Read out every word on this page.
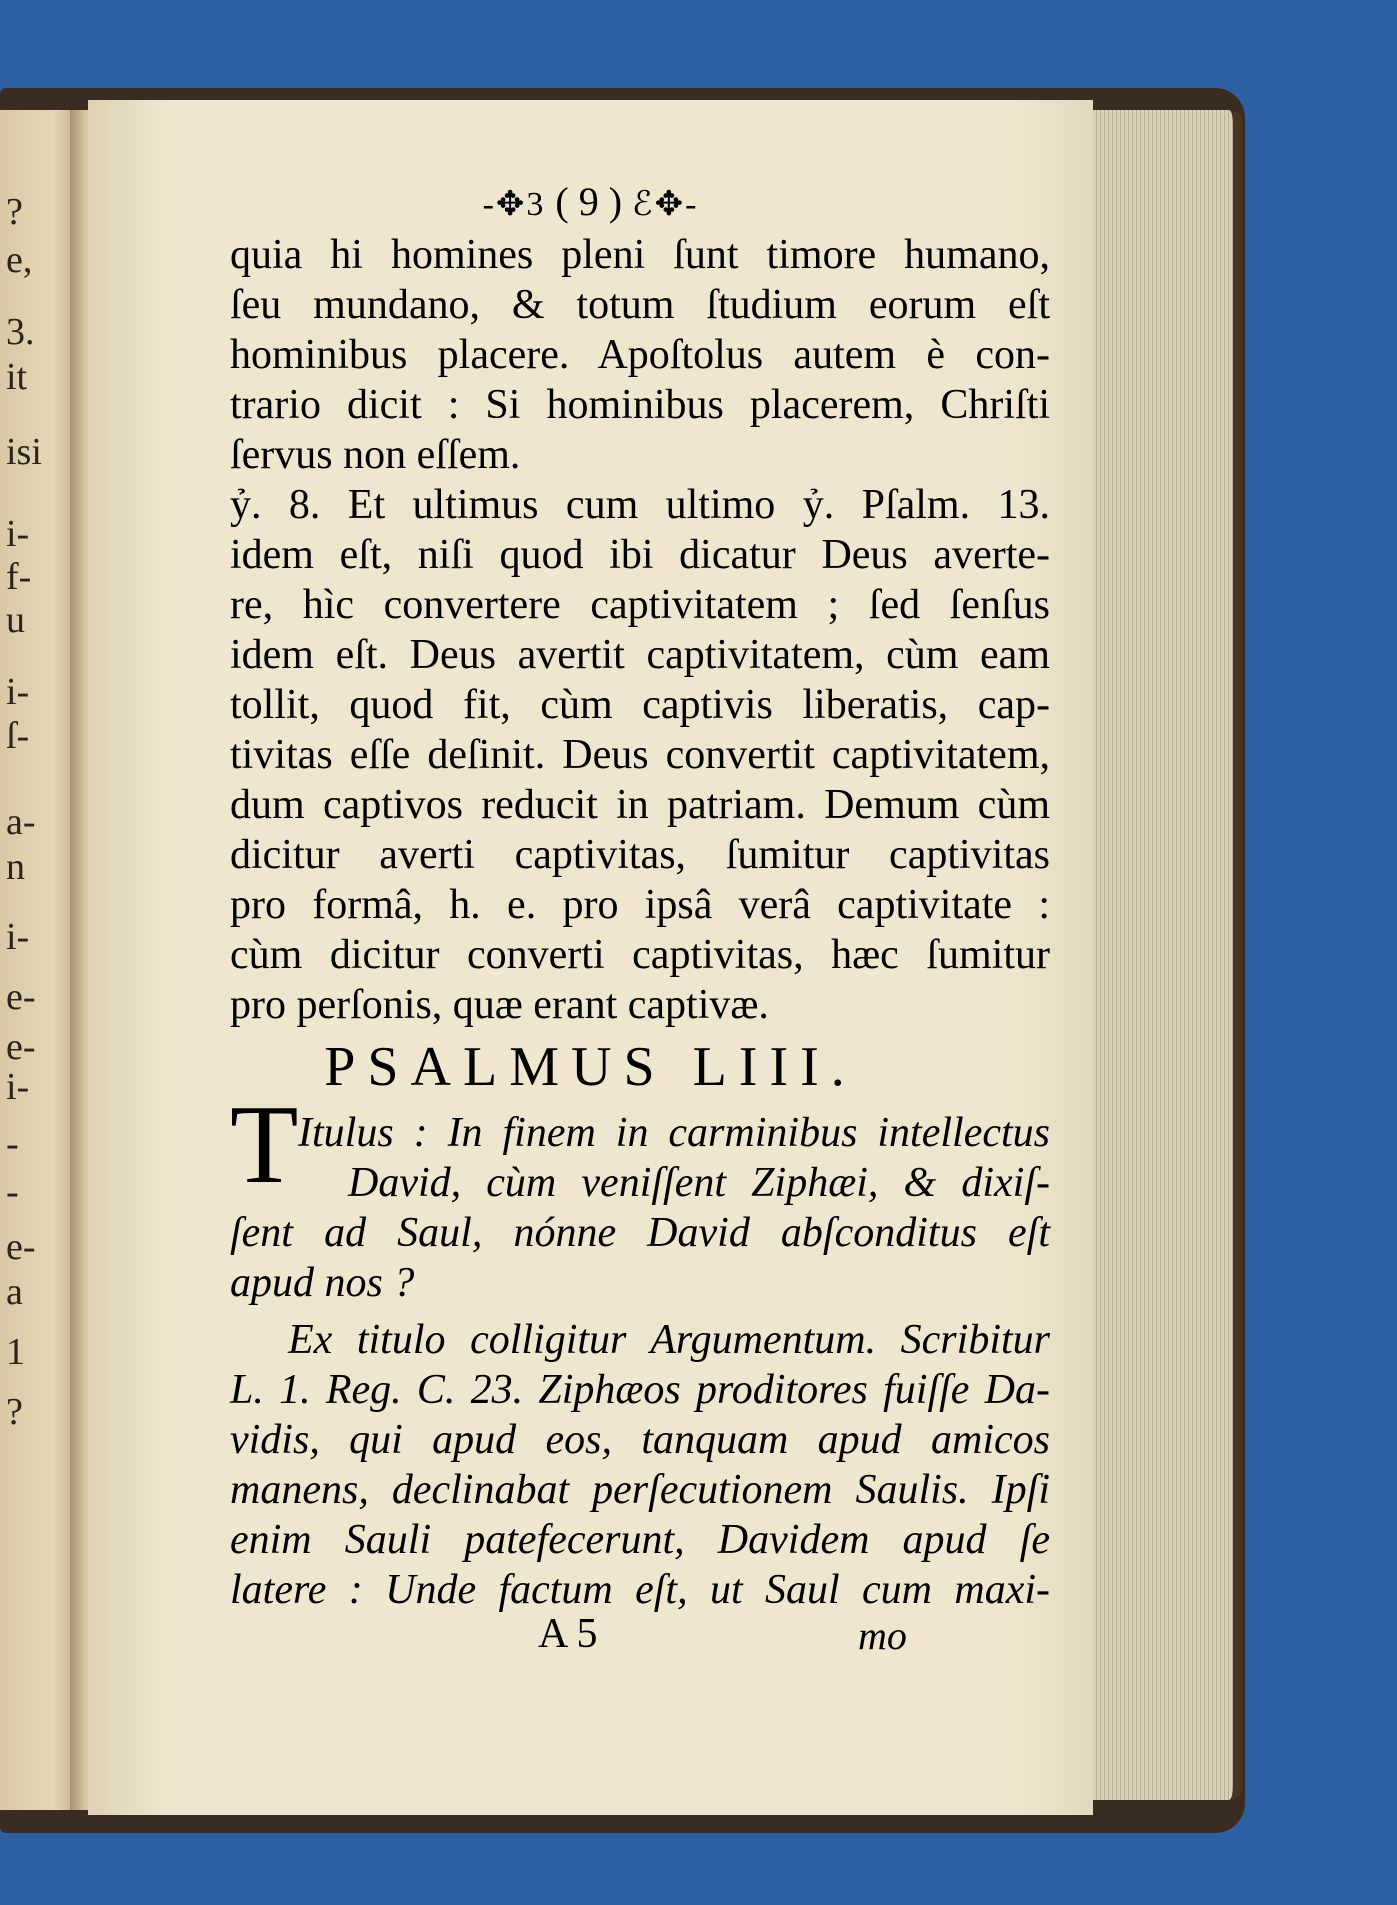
?
e,
3.
it
isi
i-
f-
u
i-
ſ-
a-
n
i-
e-
e-
i-
-
-
e-
a
1
?
-✥3 ( 9 ) ℰ✥-
quia hi homines pleni ſunt timore humano,
ſeu mundano, & totum ſtudium eorum eſt
hominibus placere. Apoſtolus autem è con-
trario dicit : Si hominibus placerem, Chriſti
ſervus non eſſem.
ỷ. 8. Et ultimus cum ultimo ỷ. Pſalm. 13.
idem eſt, niſi quod ibi dicatur Deus averte-
re, hìc convertere captivitatem ; ſed ſenſus
idem eſt. Deus avertit captivitatem, cùm eam
tollit, quod fit, cùm captivis liberatis, cap-
tivitas eſſe deſinit. Deus convertit captivitatem,
dum captivos reducit in patriam. Demum cùm
dicitur averti captivitas, ſumitur captivitas
pro formâ, h. e. pro ipsâ verâ captivitate :
cùm dicitur converti captivitas, hæc ſumitur
pro perſonis, quæ erant captivæ.
PSALMUS LIII.
T Itulus : In finem in carminibus intellectus
David, cùm veniſſent Ziphæi, & dixiſ-
ſent ad Saul, nónne David abſconditus eſt
apud nos ?
Ex titulo colligitur Argumentum. Scribitur
L. 1. Reg. C. 23. Ziphæos proditores fuiſſe Da-
vidis, qui apud eos, tanquam apud amicos
manens, declinabat perſecutionem Saulis. Ipſi
enim Sauli patefecerunt, Davidem apud ſe
latere : Unde factum eſt, ut Saul cum maxi-
A 5	mo
